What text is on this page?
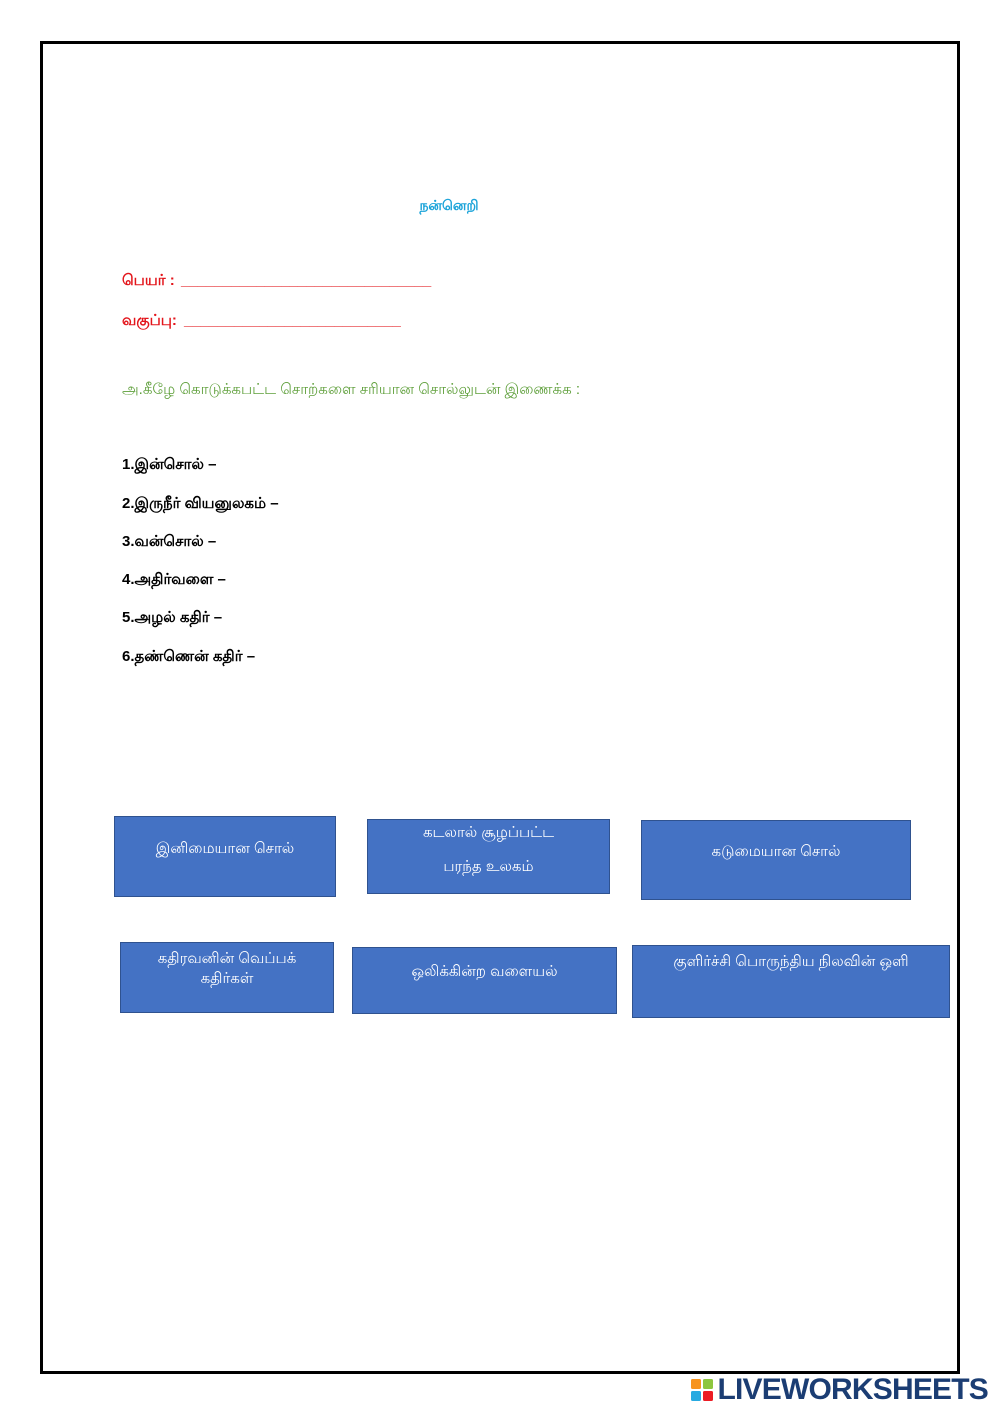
நன்னெறி
பெயர் : ______________________________
வகுப்பு: __________________________
அ.கீழே கொடுக்கபட்ட சொற்களை சரியான சொல்லுடன் இணைக்க :
1.இன்சொல் –
2.இருநீர் வியனுலகம் –
3.வன்சொல் –
4.அதிர்வளை –
5.அழல் கதிர் –
6.தண்ணென் கதிர் –
இனிமையான சொல்
கடலால் சூழப்பட்ட
பரந்த உலகம்
கடுமையான சொல்
கதிரவனின் வெப்பக்
கதிர்கள்	ஒலிக்கின்ற வளையல்
குளிர்ச்சி பொருந்திய நிலவின் ஒளி
LIVEWORKSHEETS
